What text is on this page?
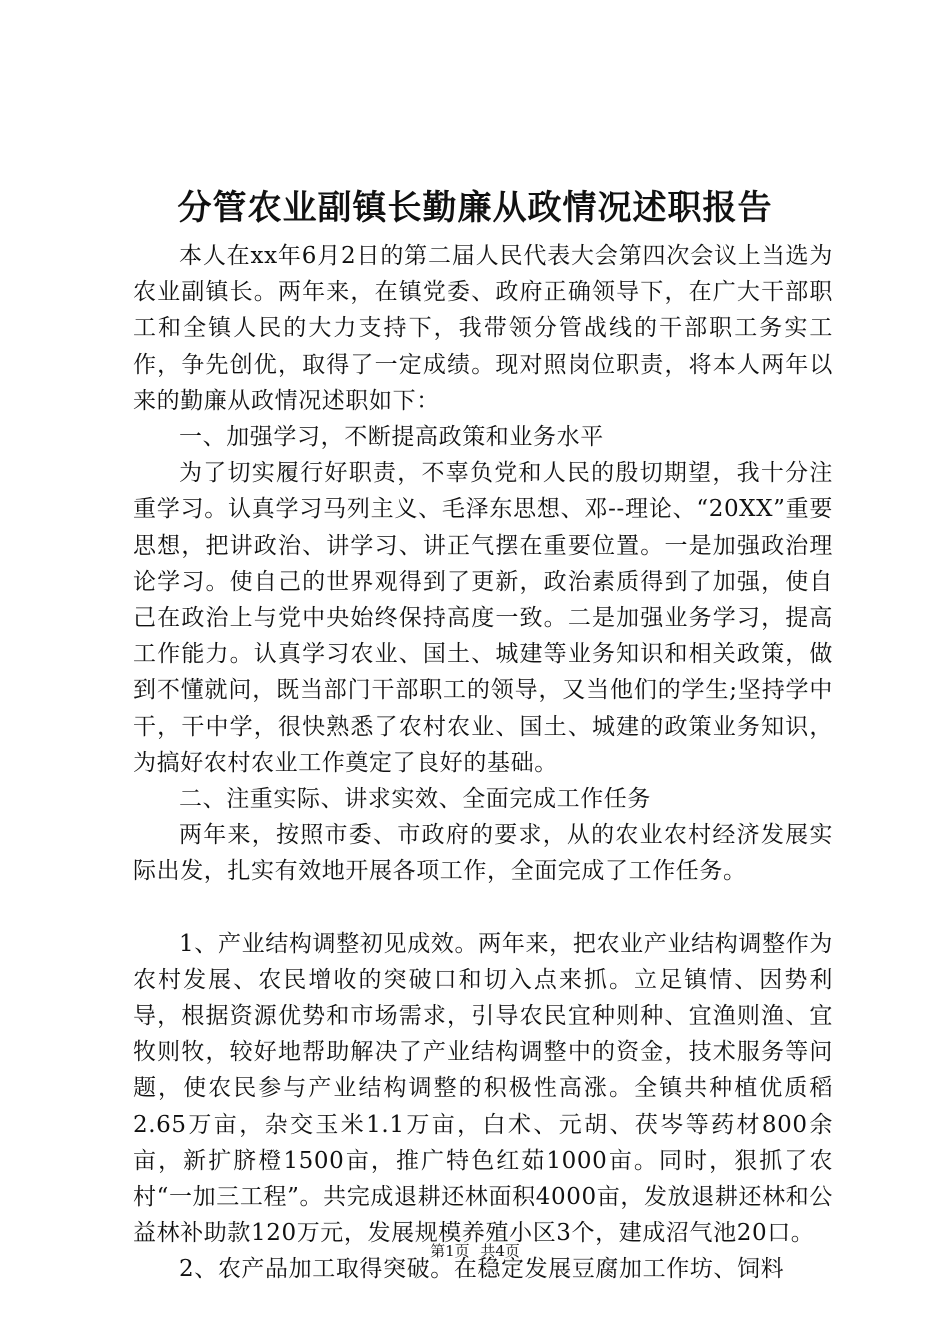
分管农业副镇长勤廉从政情况述职报告

本人在xx年6月2日的第二届人民代表大会第四次会议上当选为农业副镇长。两年来，在镇党委、政府正确领导下，在广大干部职工和全镇人民的大力支持下，我带领分管战线的干部职工务实工作，争先创优，取得了一定成绩。现对照岗位职责，将本人两年以来的勤廉从政情况述职如下：

一、加强学习，不断提高政策和业务水平

为了切实履行好职责，不辜负党和人民的殷切期望，我十分注重学习。认真学习马列主义、毛泽东思想、邓--理论、“20XX”重要思想，把讲政治、讲学习、讲正气摆在重要位置。一是加强政治理论学习。使自己的世界观得到了更新，政治素质得到了加强，使自己在政治上与党中央始终保持高度一致。二是加强业务学习，提高工作能力。认真学习农业、国土、城建等业务知识和相关政策，做到不懂就问，既当部门干部职工的领导，又当他们的学生;坚持学中干，干中学，很快熟悉了农村农业、国土、城建的政策业务知识，为搞好农村农业工作奠定了良好的基础。

二、注重实际、讲求实效、全面完成工作任务

两年来，按照市委、市政府的要求，从的农业农村经济发展实际出发，扎实有效地开展各项工作，全面完成了工作任务。

1、产业结构调整初见成效。两年来，把农业产业结构调整作为农村发展、农民增收的突破口和切入点来抓。立足镇情、因势利导，根据资源优势和市场需求，引导农民宜种则种、宜渔则渔、宜牧则牧，较好地帮助解决了产业结构调整中的资金，技术服务等问题，使农民参与产业结构调整的积极性高涨。全镇共种植优质稻2.65万亩，杂交玉米1.1万亩，白术、元胡、茯岑等药材800余亩，新扩脐橙1500亩，推广特色红茹1000亩。同时，狠抓了农村“一加三工程”。共完成退耕还林面积4000亩，发放退耕还林和公益林补助款120万元，发展规模养殖小区3个，建成沼气池20口。

2、农产品加工取得突破。在稳定发展豆腐加工作坊、饲料

第1页 共4页
